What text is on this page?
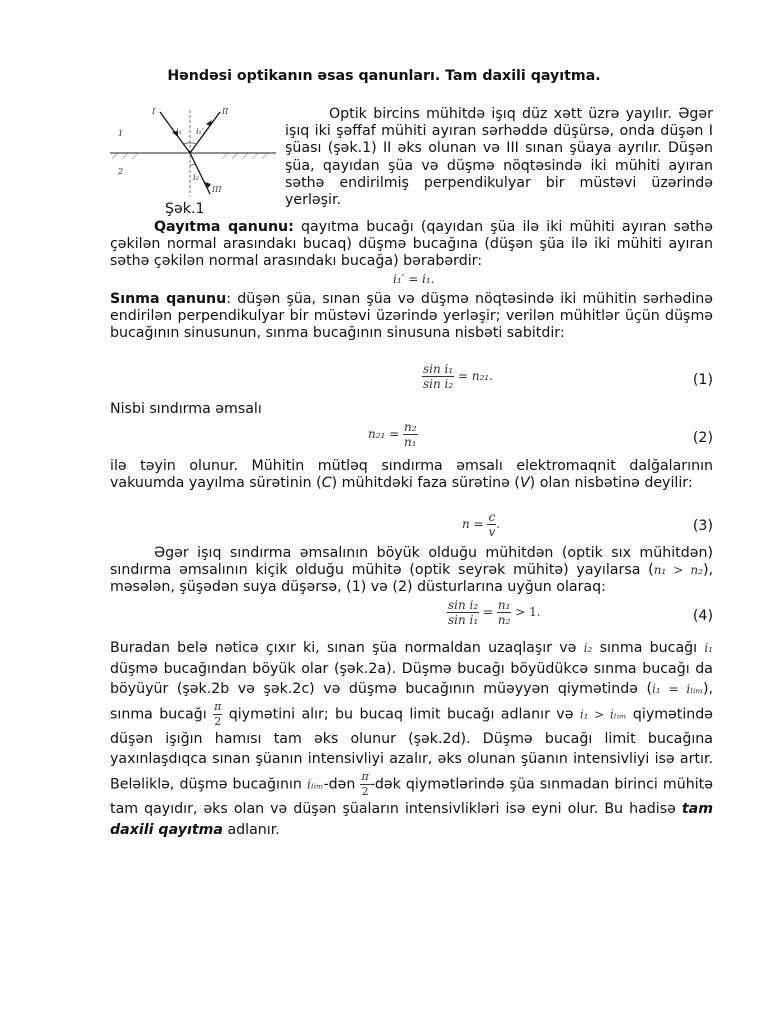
Həndəsi optikanın əsas qanunları. Tam daxili qayıtma.
I	II
III
i₁ i₁'
i₂
1
2
Şək.1

Optik bircins mühitdə işıq düz xətt üzrə yayılır. Əgər işıq iki şəffaf mühiti ayıran sərhəddə düşürsə, onda düşən I şüası (şək.1) II əks olunan və III sınan şüaya ayrılır. Düşən şüa, qayıdan şüa və düşmə nöqtəsində iki mühiti ayıran səthə endirilmiş perpendikulyar bir müstəvi üzərində yerləşir.

Qayıtma qanunu: qayıtma bucağı (qayıdan şüa ilə iki mühiti ayıran səthə çəkilən normal arasındakı bucaq) düşmə bucağına (düşən şüa ilə iki mühiti ayıran səthə çəkilən normal arasındakı bucağa) bərabərdir:

i₁′ = i₁.

Sınma qanunu: düşən şüa, sınan şüa və düşmə nöqtəsində iki mühitin sərhədinə endirilən perpendikulyar bir müstəvi üzərində yerləşir; verilən mühitlər üçün düşmə bucağının sinusunun, sınma bucağının sinusuna nisbəti sabitdir:

$\frac{\text{sin i₁}}{\text{sin i₂}} = n_{21}$.	(1)

Nisbi sındırma əmsalı

$n_{21} = \frac{\text{n₂}}{\text{n₁}}$	(2)

ilə təyin olunur. Mühitin mütləq sındırma əmsalı elektromaqnit dalğalarının vakuumda yayılma sürətinin (C) mühitdəki faza sürətinə (V) olan nisbətinə deyilir:

$n = \frac{c}{v}$ .	(3)

Əgər işıq sındırma əmsalının böyük olduğu mühitdən (optik sıx mühitdən) sındırma əmsalının kiçik olduğu mühitə (optik seyrək mühitə) yayılarsa (n₁ > n₂), məsələn, şüşədən suya düşərsə, (1) və (2) düsturlarına uyğun olaraq:

$\frac{\text{sin i₂}}{\text{sin i₁}} = \frac{\text{n₁}}{\text{n₂}} > 1$.	(4)

Buradan belə nəticə çıxır ki, sınan şüa normaldan uzaqlaşır və i₂ sınma bucağı i₁ düşmə bucağından böyük olar (şək.2a). Düşmə bucağı böyüdükcə sınma bucağı da böyüyür (şək.2b və şək.2c) və düşmə bucağının müəyyən qiymətində (i₁ = iₗᵢₘ), sınma bucağı $\frac{\pi}{2}$ qiymətini alır; bu bucaq limit bucağı adlanır və i₁ > iₗᵢₘ qiymətində düşən işığın hamısı tam əks olunur (şək.2d). Düşmə bucağı limit bucağına yaxınlaşdıqca sınan şüanın intensivliyi azalır, əks olunan şüanın intensivliyi isə artır. Beləliklə, düşmə bucağının iₗᵢₘ-dən $\frac{\pi}{2}$ -dək qiymətlərində şüa sınmadan birinci mühitə tam qayıdır, əks olan və düşən şüaların intensivlikləri isə eyni olur. Bu hadisə tam daxili qayıtma adlanır.
